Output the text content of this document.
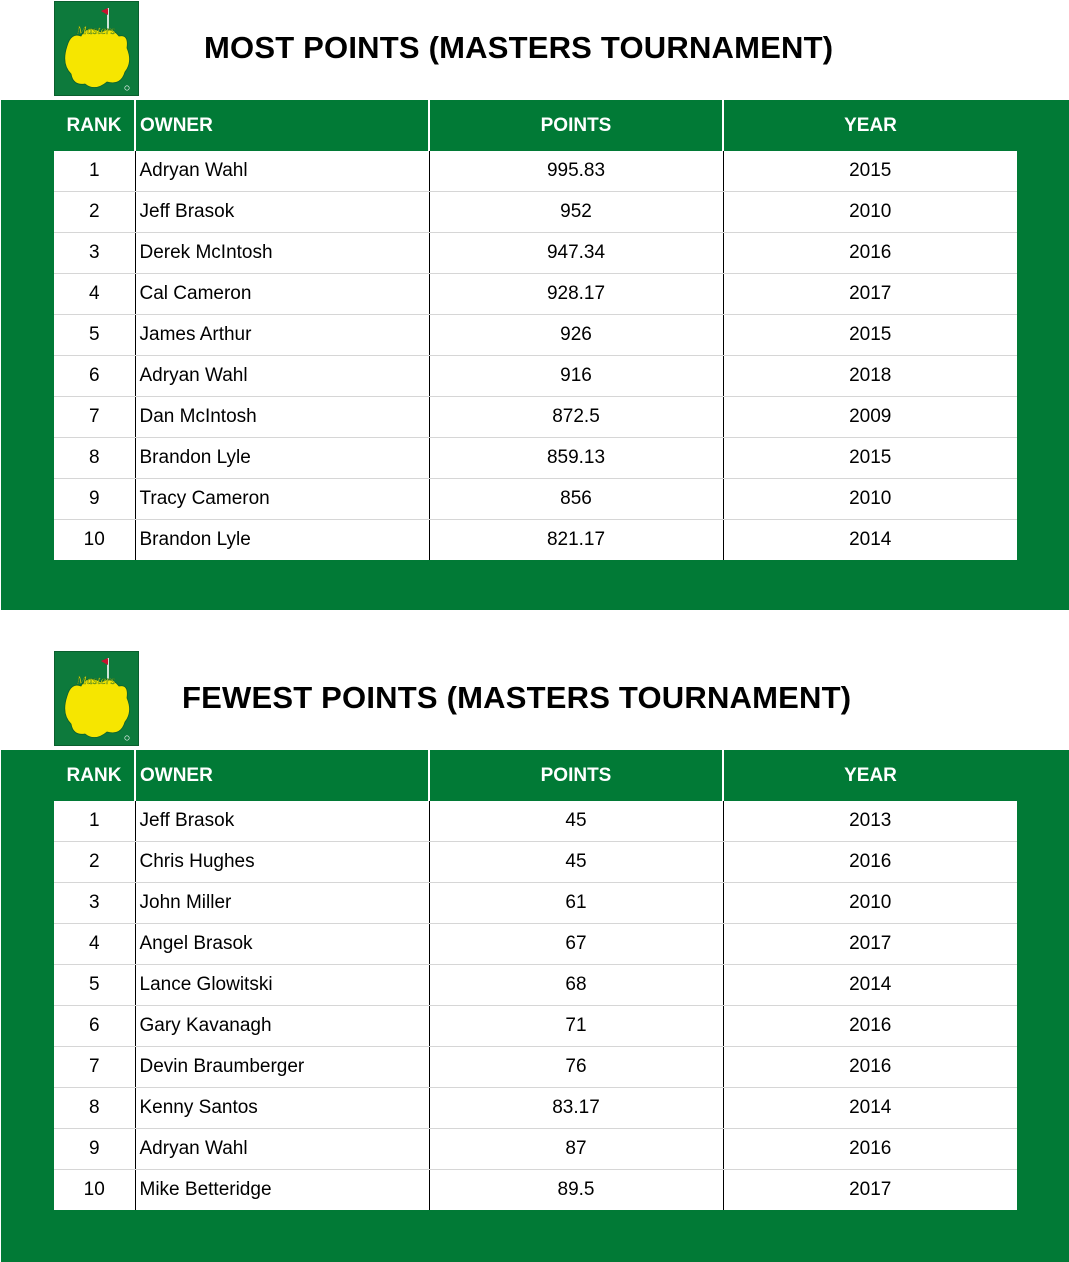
Masters	MOST POINTS (MASTERS TOURNAMENT)
RANK	OWNER	POINTS	YEAR
1	Adryan Wahl	995.83	2015
2	Jeff Brasok	952	2010
3	Derek McIntosh	947.34	2016
4	Cal Cameron	928.17	2017
5	James Arthur	926	2015
6	Adryan Wahl	916	2018
7	Dan McIntosh	872.5	2009
8	Brandon Lyle	859.13	2015
9	Tracy Cameron	856	2010
10	Brandon Lyle	821.17	2014
Masters FEWEST POINTS (MASTERS TOURNAMENT)
RANK	OWNER	POINTS	YEAR
1	Jeff Brasok	45	2013
2	Chris Hughes	45	2016
3	John Miller	61	2010
4	Angel Brasok	67	2017
5	Lance Glowitski	68	2014
6	Gary Kavanagh	71	2016
7	Devin Braumberger	76	2016
8	Kenny Santos	83.17	2014
9	Adryan Wahl	87	2016
10	Mike Betteridge	89.5	2017
